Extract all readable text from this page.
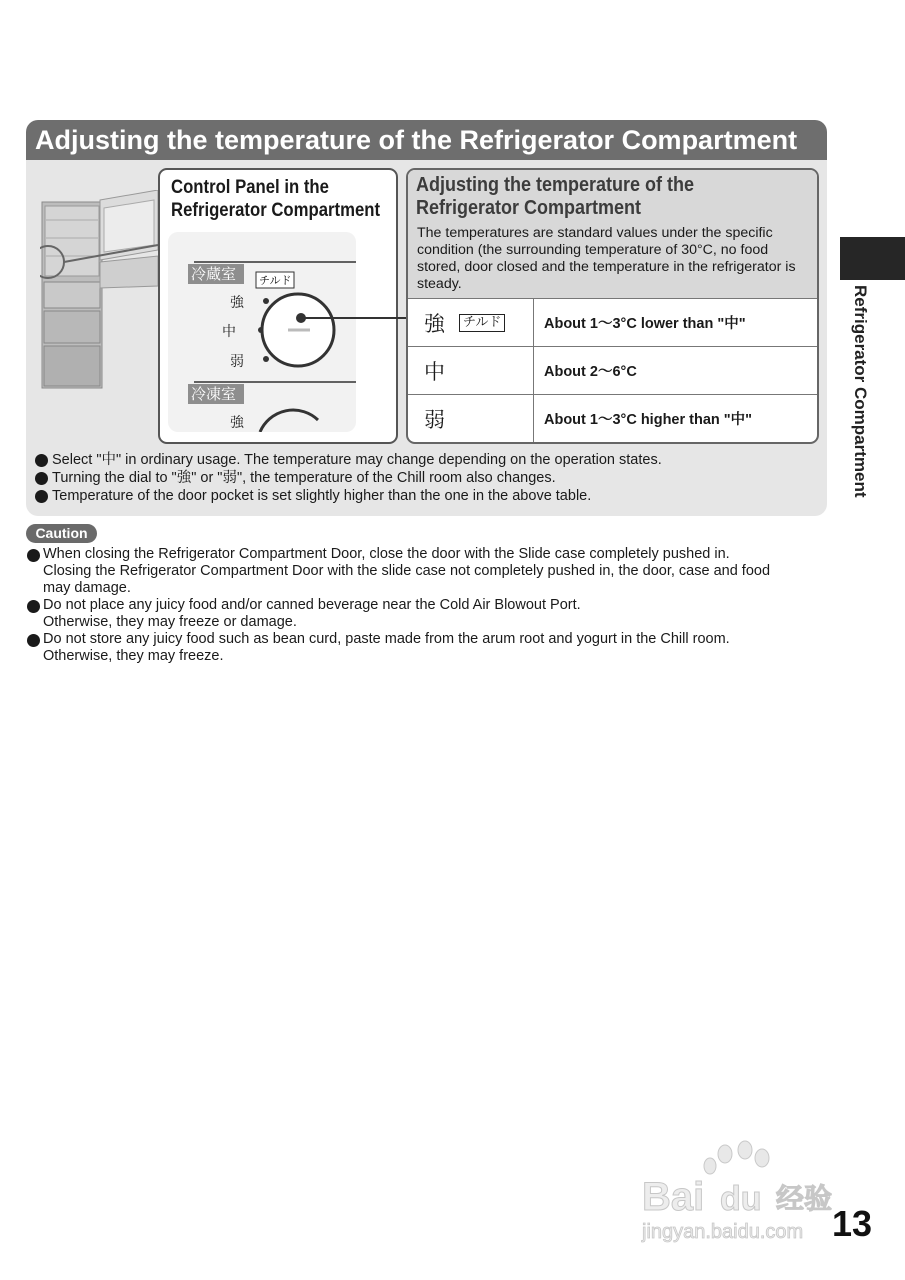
Adjusting the temperature of the Refrigerator Compartment
Control Panel in the
Refrigerator Compartment
冷蔵室 チルド
強
中
弱
冷凍室
強
Adjusting the temperature of the
Refrigerator Compartment
The temperatures are standard values under the specific condition (the surrounding temperature of 30°C, no food stored, door closed and the temperature in the refrigerator is steady.
強	チルド	About 1～3°C lower than "中"
中	About 2～6°C
弱	About 1～3°C higher than "中"
Select "中" in ordinary usage. The temperature may change depending on the operation states.
Turning the dial to "強" or "弱", the temperature of the Chill room also changes.
Temperature of the door pocket is set slightly higher than the one in the above table.
Caution

When closing the Refrigerator Compartment Door, close the door with the Slide case completely pushed in.

Closing the Refrigerator Compartment Door with the slide case not completely pushed in, the door, case and food

may damage.

Do not place any juicy food and/or canned beverage near the Cold Air Blowout Port.

Otherwise, they may freeze or damage.

Do not store any juicy food such as bean curd, paste made from the arum root and yogurt in the Chill room.

Otherwise, they may freeze.

Refrigerator Compartment
Bai du 经验
jingyan.baidu.com 13
